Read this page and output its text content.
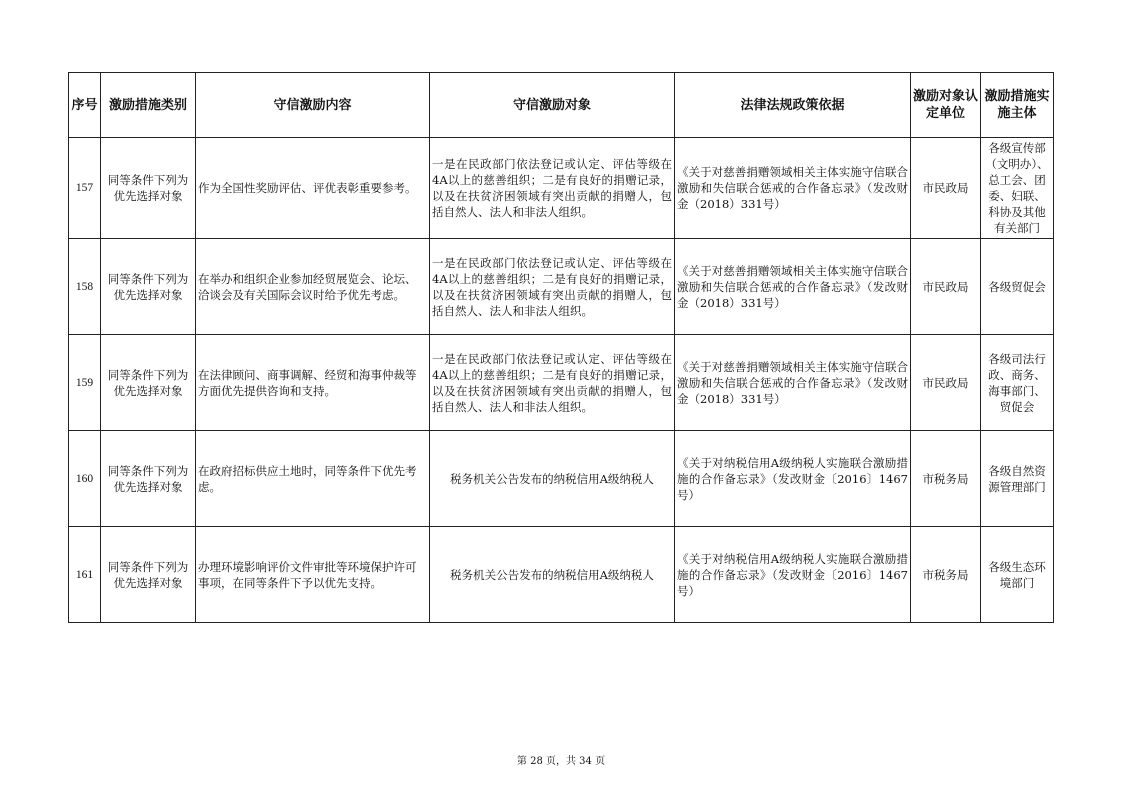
序号	激励措施类别	守信激励内容	守信激励对象	法律法规政策依据	激励对象认定单位	激励措施实施主体
157	同等条件下列为优先选择对象	作为全国性奖励评估、评优表彰重要参考。	一是在民政部门依法登记或认定、评估等级在4A以上的慈善组织；二是有良好的捐赠记录，以及在扶贫济困领域有突出贡献的捐赠人，包括自然人、法人和非法人组织。	《关于对慈善捐赠领域相关主体实施守信联合激励和失信联合惩戒的合作备忘录》（发改财金（2018）331号）	市民政局	各级宣传部（文明办）、总工会、团委、妇联、科协及其他有关部门
158	同等条件下列为优先选择对象	在举办和组织企业参加经贸展览会、论坛、洽谈会及有关国际会议时给予优先考虑。	一是在民政部门依法登记或认定、评估等级在4A以上的慈善组织；二是有良好的捐赠记录，以及在扶贫济困领域有突出贡献的捐赠人，包括自然人、法人和非法人组织。	《关于对慈善捐赠领域相关主体实施守信联合激励和失信联合惩戒的合作备忘录》（发改财金（2018）331号）	市民政局	各级贸促会
159	同等条件下列为优先选择对象	在法律顾问、商事调解、经贸和海事仲裁等方面优先提供咨询和支持。	一是在民政部门依法登记或认定、评估等级在4A以上的慈善组织；二是有良好的捐赠记录，以及在扶贫济困领域有突出贡献的捐赠人，包括自然人、法人和非法人组织。	《关于对慈善捐赠领域相关主体实施守信联合激励和失信联合惩戒的合作备忘录》（发改财金（2018）331号）	市民政局	各级司法行政、商务、海事部门、贸促会
160	同等条件下列为优先选择对象	在政府招标供应土地时，同等条件下优先考虑。	税务机关公告发布的纳税信用A级纳税人	《关于对纳税信用A级纳税人实施联合激励措施的合作备忘录》（发改财金〔2016〕1467号）	市税务局	各级自然资源管理部门
161	同等条件下列为优先选择对象	办理环境影响评价文件审批等环境保护许可事项，在同等条件下予以优先支持。	税务机关公告发布的纳税信用A级纳税人	《关于对纳税信用A级纳税人实施联合激励措施的合作备忘录》（发改财金〔2016〕1467号）	市税务局	各级生态环境部门
第 28 页，共 34 页
